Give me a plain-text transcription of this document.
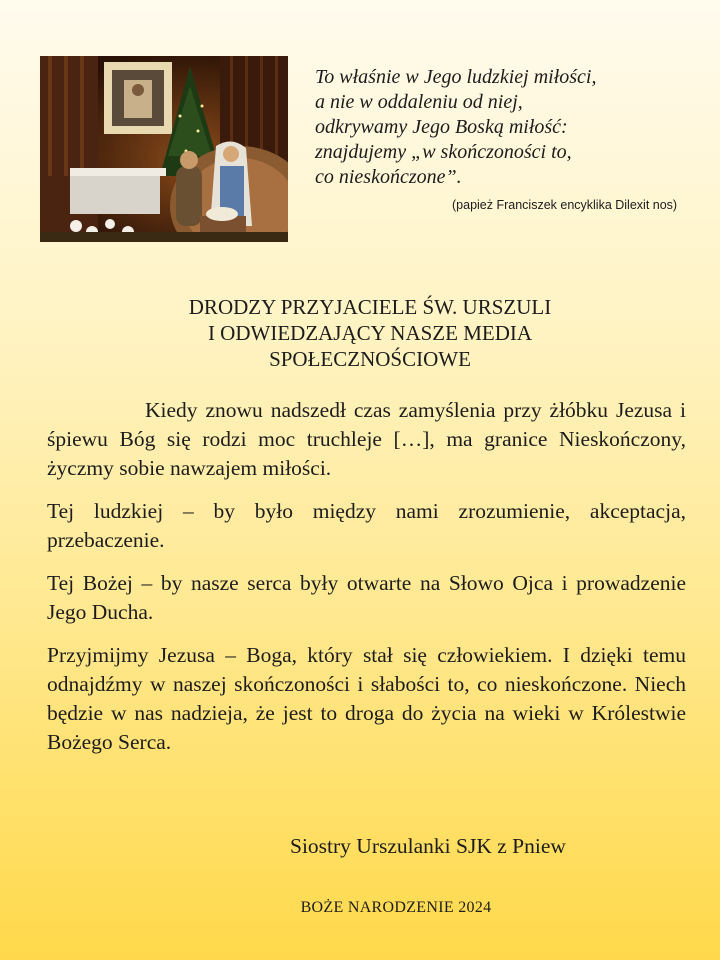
To właśnie w Jego ludzkiej miłości,
a nie w oddaleniu od niej,
odkrywamy Jego Boską miłość:
znajdujemy „w skończoności to,
co nieskończone”.
(papież Franciszek encyklika Dilexit nos)
DRODZY PRZYJACIELE ŚW. URSZULI
I ODWIEDZAJĄCY NASZE MEDIA
SPOŁECZNOŚCIOWE

Kiedy znowu nadszedł czas zamyślenia przy żłóbku Jezusa i śpiewu Bóg się rodzi moc truchleje […], ma granice Nieskończony, życzmy sobie nawzajem miłości.

Tej ludzkiej – by było między nami zrozumienie, akceptacja, przebaczenie.

Tej Bożej – by nasze serca były otwarte na Słowo Ojca i prowadzenie Jego Ducha.

Przyjmijmy Jezusa – Boga, który stał się człowiekiem. I dzięki temu odnajdźmy w naszej skończoności i słabości to, co nieskończone. Niech będzie w nas nadzieja, że jest to droga do życia na wieki w Królestwie Bożego Serca.

Siostry Urszulanki SJK z Pniew
BOŻE NARODZENIE 2024
